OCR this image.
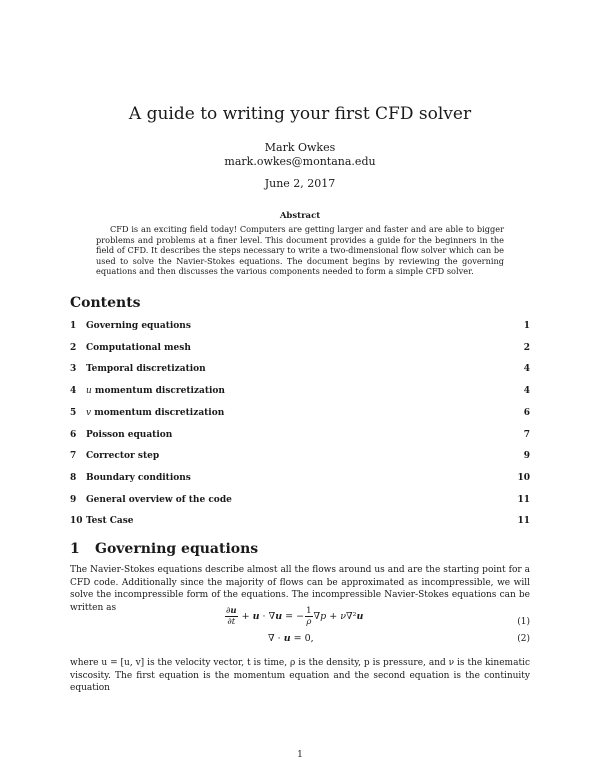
A guide to writing your first CFD solver
Mark Owkes
mark.owkes@montana.edu
June 2, 2017
Abstract
CFD is an exciting field today! Computers are getting larger and faster and are able to bigger problems and problems at a finer level. This document provides a guide for the beginners in the field of CFD. It describes the steps necessary to write a two-dimensional flow solver which can be used to solve the Navier-Stokes equations. The document begins by reviewing the governing equations and then discusses the various components needed to form a simple CFD solver.
Contents
1 Governing equations	1
2 Computational mesh	2
3 Temporal discretization	4
4 u momentum discretization	4
5 v momentum discretization	6
6 Poisson equation	7
7 Corrector step	9
8 Boundary conditions	10
9 General overview of the code	11
10 Test Case	11
1 Governing equations
The Navier-Stokes equations describe almost all the flows around us and are the starting point for a CFD code. Additionally since the majority of flows can be approximated as incompressible, we will solve the incompressible form of the equations. The incompressible Navier-Stokes equations can be written as	$\frac{\partial u}{\partial t} + u \cdot \nabla u$ = − $\frac{1}{\rho} \nabla p + \nu\nabla^2u$	(1)
∇ · u = 0,	(2)
where u = [u, v] is the velocity vector, t is time, ρ is the density, p is pressure, and ν is the kinematic viscosity. The first equation is the momentum equation and the second equation is the continuity equation
1
